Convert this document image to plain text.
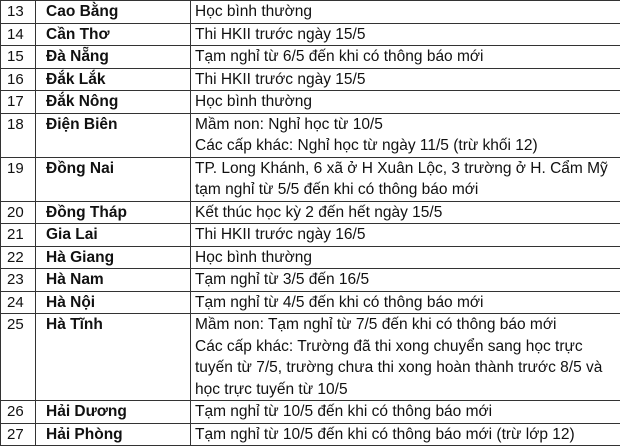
13	Cao Bằng	Học bình thường

14	Cần Thơ	Thi HKII trước ngày 15/5

15	Đà Nẵng	Tạm nghỉ từ 6/5 đến khi có thông báo mới

16	Đắk Lắk	Thi HKII trước ngày 15/5

17	Đắk Nông	Học bình thường

18	Điện Biên	Mầm non: Nghỉ học từ 10/5
Các cấp khác: Nghỉ học từ ngày 11/5 (trừ khối 12)

19	Đồng Nai	TP. Long Khánh, 6 xã ở H Xuân Lộc, 3 trường ở H. Cẩm Mỹ
tạm nghỉ từ 5/5 đến khi có thông báo mới

20	Đồng Tháp	Kết thúc học kỳ 2 đến hết ngày 15/5

21	Gia Lai	Thi HKII trước ngày 16/5

22	Hà Giang	Học bình thường

23	Hà Nam	Tạm nghỉ từ 3/5 đến 16/5

24	Hà Nội	Tạm nghỉ từ 4/5 đến khi có thông báo mới

25	Hà Tĩnh	Mầm non: Tạm nghỉ từ 7/5 đến khi có thông báo mới
Các cấp khác: Trường đã thi xong chuyển sang học trực
tuyến từ 7/5, trường chưa thi xong hoàn thành trước 8/5 và
học trực tuyến từ 10/5

26	Hải Dương	Tạm nghỉ từ 10/5 đến khi có thông báo mới

27	Hải Phòng	Tạm nghỉ từ 10/5 đến khi có thông báo mới (trừ lớp 12)
